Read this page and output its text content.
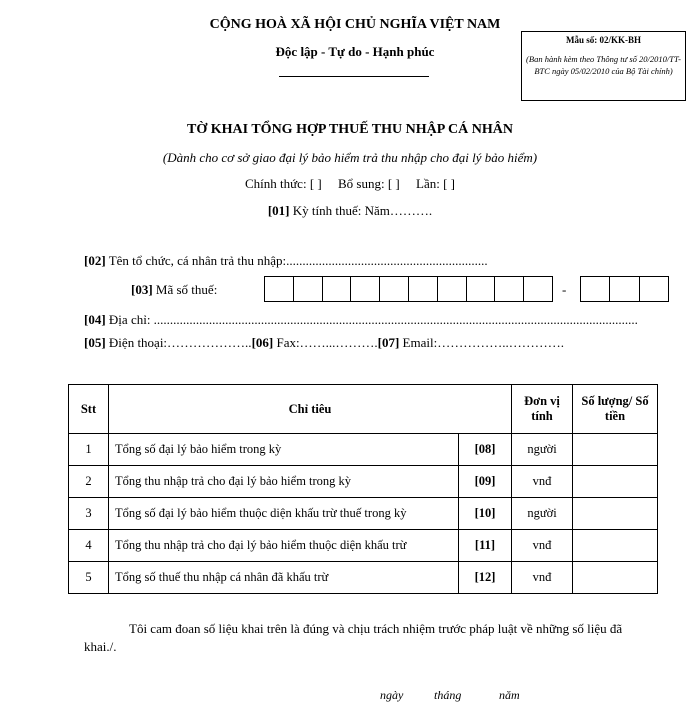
CỘNG HOÀ XÃ HỘI CHỦ NGHĨA VIỆT NAM
Độc lập - Tự do - Hạnh phúc
Mẫu số: 02/KK-BH
(Ban hành kèm theo Thông tư số 20/2010/TT-BTC ngày 05/02/2010 của Bộ Tài chính)
TỜ KHAI TỔNG HỢP THUẾ THU NHẬP CÁ NHÂN
(Dành cho cơ sở giao đại lý bảo hiểm trả thu nhập cho đại lý bảo hiểm)
Chính thức: [ ] Bổ sung: [ ] Lần: [ ]
[01] Kỳ tính thuế: Năm……….
[02] Tên tổ chức, cá nhân trả thu nhập:..............................................................
[03] Mã số thuế:	-
[04] Địa chỉ: .....................................................................................................................................................
[05] Điện thoại:………………..[06] Fax:……...……….[07] Email:……………..………….
Stt	Chỉ tiêu		Đơn vị tính	Số lượng/ Số tiền
1	Tổng số đại lý bảo hiểm trong kỳ	[08]	người	
2	Tổng thu nhập trả cho đại lý bảo hiểm trong kỳ	[09]	vnđ	
3	Tổng số đại lý bảo hiểm thuộc diện khấu trừ thuế trong kỳ	[10]	người	
4	Tổng thu nhập trả cho đại lý bảo hiểm thuộc diện khấu trừ	[11]	vnđ	
5	Tổng số thuế thu nhập cá nhân đã khấu trừ	[12]	vnđ	
Tôi cam đoan số liệu khai trên là đúng và chịu trách nhiệm trước pháp luật về những số liệu đã khai./.
ngày	tháng	năm
